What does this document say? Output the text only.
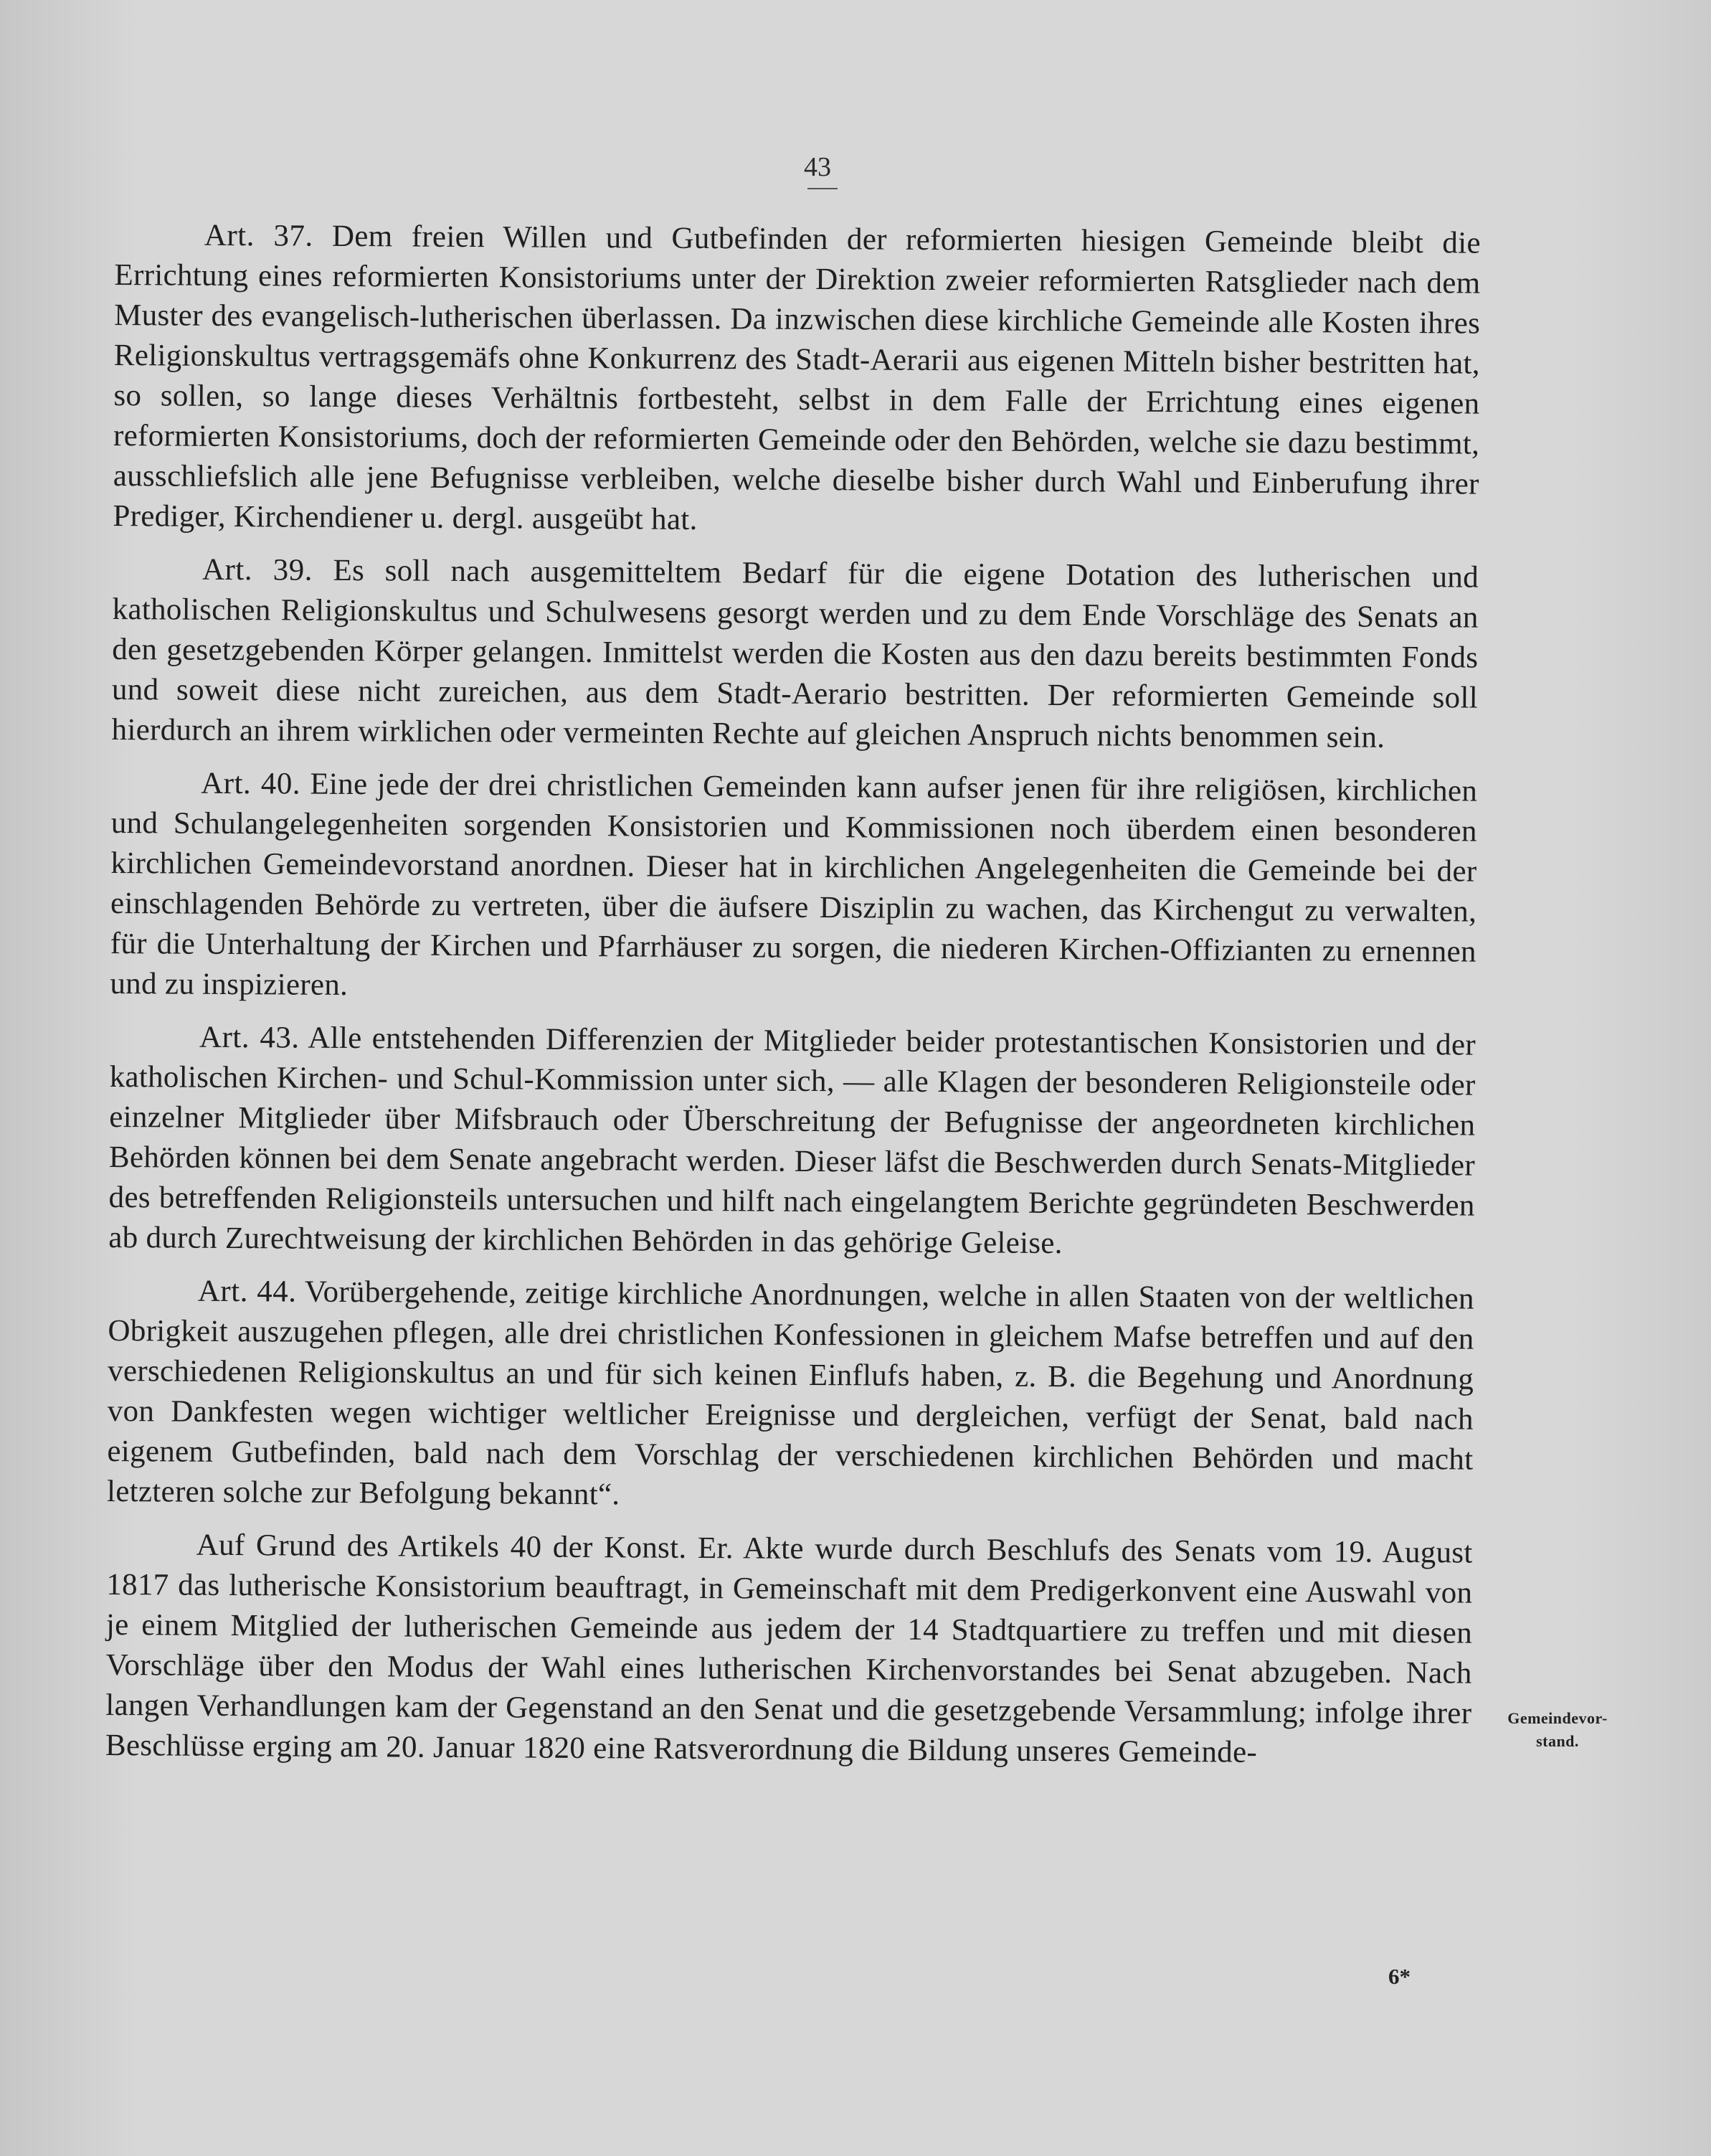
43

Art. 37. Dem freien Willen und Gutbefinden der reformierten hiesigen Gemeinde bleibt die Errichtung eines reformierten Konsistoriums unter der Direktion zweier reformierten Ratsglieder nach dem Muster des evangelisch-lutherischen überlassen. Da inzwischen diese kirchliche Gemeinde alle Kosten ihres Religionskultus vertragsgemäfs ohne Konkurrenz des Stadt-Aerarii aus eigenen Mitteln bisher bestritten hat, so sollen, so lange dieses Verhältnis fortbesteht, selbst in dem Falle der Errichtung eines eigenen reformierten Konsistoriums, doch der reformierten Gemeinde oder den Behörden, welche sie dazu bestimmt, ausschliefslich alle jene Befugnisse verbleiben, welche dieselbe bisher durch Wahl und Einberufung ihrer Prediger, Kirchendiener u. dergl. ausgeübt hat.

Art. 39. Es soll nach ausgemitteltem Bedarf für die eigene Dotation des lutherischen und katholischen Religionskultus und Schulwesens gesorgt werden und zu dem Ende Vorschläge des Senats an den gesetzgebenden Körper gelangen. Inmittelst werden die Kosten aus den dazu bereits bestimmten Fonds und soweit diese nicht zureichen, aus dem Stadt-Aerario bestritten. Der reformierten Gemeinde soll hierdurch an ihrem wirklichen oder vermeinten Rechte auf gleichen Anspruch nichts benommen sein.

Art. 40. Eine jede der drei christlichen Gemeinden kann aufser jenen für ihre religiösen, kirchlichen und Schulangelegenheiten sorgenden Konsistorien und Kommissionen noch überdem einen besonderen kirchlichen Gemeindevorstand anordnen. Dieser hat in kirchlichen Angelegenheiten die Gemeinde bei der einschlagenden Behörde zu vertreten, über die äufsere Disziplin zu wachen, das Kirchengut zu verwalten, für die Unterhaltung der Kirchen und Pfarrhäuser zu sorgen, die niederen Kirchen-Offizianten zu ernennen und zu inspizieren.

Art. 43. Alle entstehenden Differenzien der Mitglieder beider protestantischen Konsistorien und der katholischen Kirchen- und Schul-Kommission unter sich, — alle Klagen der besonderen Religionsteile oder einzelner Mitglieder über Mifsbrauch oder Überschreitung der Befugnisse der angeordneten kirchlichen Behörden können bei dem Senate angebracht werden. Dieser läfst die Beschwerden durch Senats-Mitglieder des betreffenden Religionsteils untersuchen und hilft nach eingelangtem Berichte gegründeten Beschwerden ab durch Zurechtweisung der kirchlichen Behörden in das gehörige Geleise.

Art. 44. Vorübergehende, zeitige kirchliche Anordnungen, welche in allen Staaten von der weltlichen Obrigkeit auszugehen pflegen, alle drei christlichen Konfessionen in gleichem Mafse betreffen und auf den verschiedenen Religionskultus an und für sich keinen Einflufs haben, z. B. die Begehung und Anordnung von Dankfesten wegen wichtiger weltlicher Ereignisse und dergleichen, verfügt der Senat, bald nach eigenem Gutbefinden, bald nach dem Vorschlag der verschiedenen kirchlichen Behörden und macht letzteren solche zur Befolgung bekannt“.

Auf Grund des Artikels 40 der Konst. Er. Akte wurde durch Beschlufs des Senats vom 19. August 1817 das lutherische Konsistorium beauftragt, in Gemeinschaft mit dem Predigerkonvent eine Auswahl von je einem Mitglied der lutherischen Gemeinde aus jedem der 14 Stadtquartiere zu treffen und mit diesen Vorschläge über den Modus der Wahl eines lutherischen Kirchenvorstandes bei Senat abzugeben. Nach langen Verhandlungen kam der Gegenstand an den Senat und die gesetzgebende Versammlung; infolge ihrer Beschlüsse erging am 20. Januar 1820 eine Ratsverordnung die Bildung unseres Gemeinde-

Gemeindevor-
stand.
6*
